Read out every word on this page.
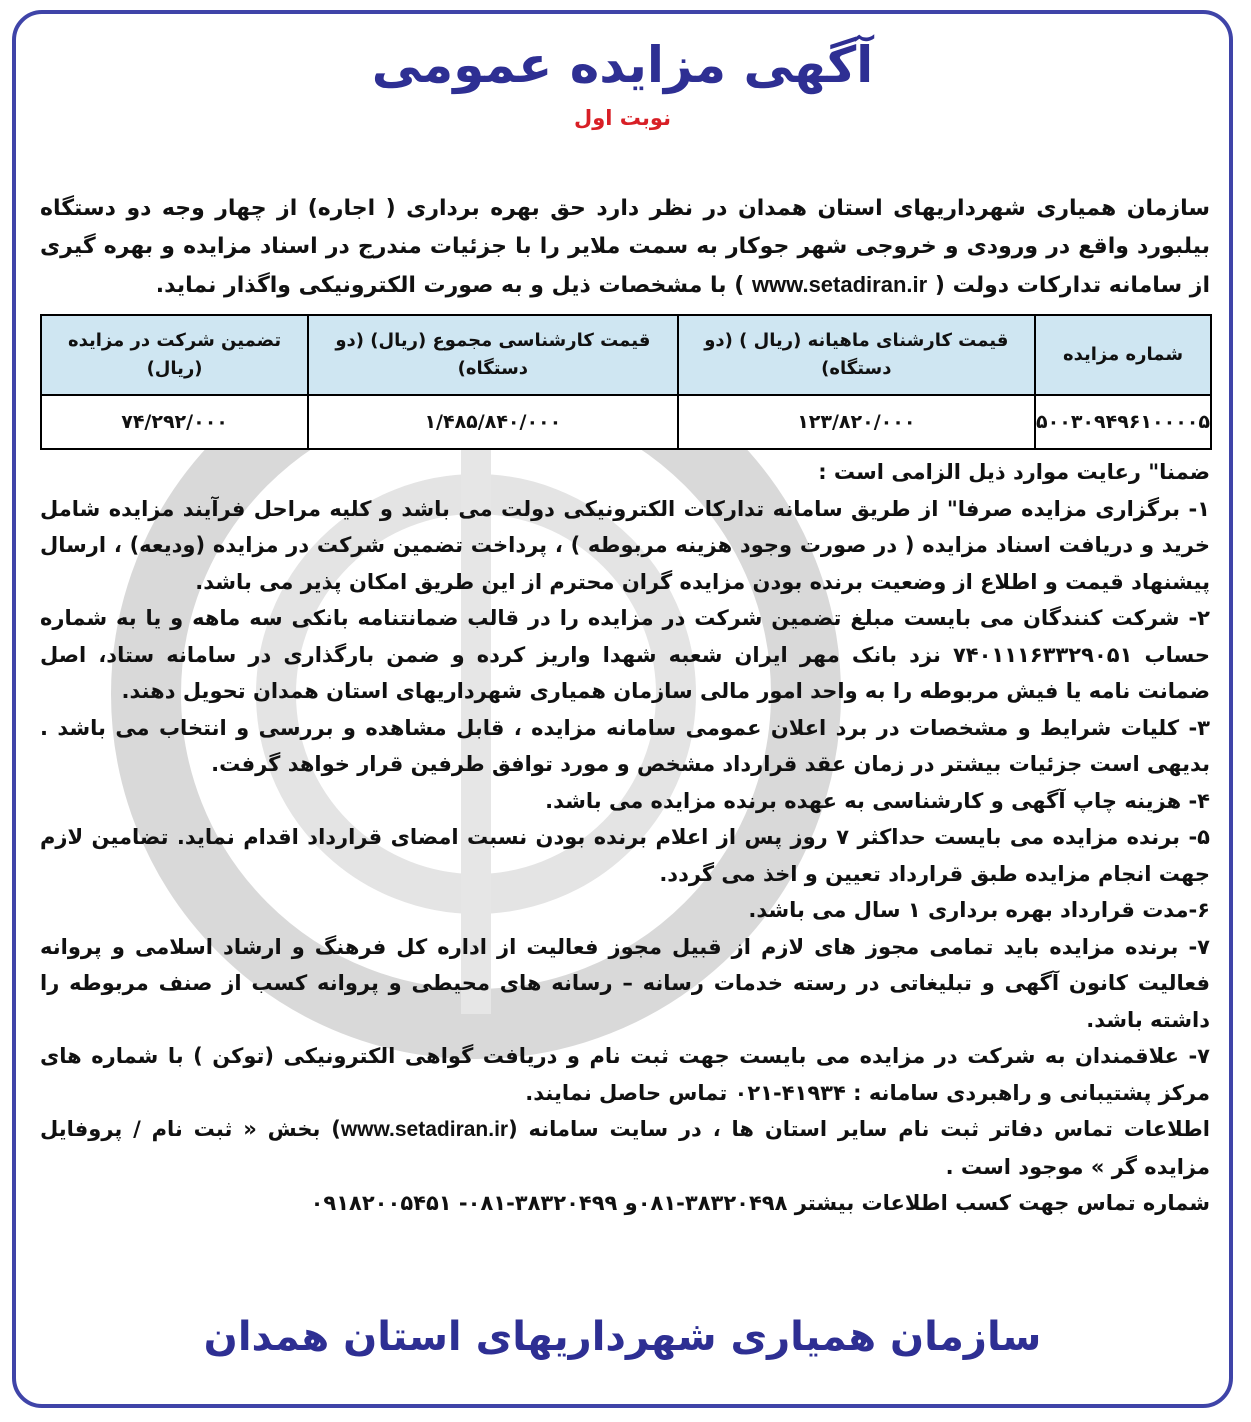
آگهی مزایده عمومی
نوبت اول
سازمان همیاری شهرداریهای استان همدان در نظر دارد حق بهره برداری ( اجاره) از چهار وجه دو دستگاه بیلبورد واقع در ورودی و خروجی شهر جوکار به سمت ملایر را با جزئیات مندرج در اسناد مزایده و بهره گیری از سامانه تدارکات دولت ( www.setadiran.ir ) با مشخصات ذیل و به صورت الکترونیکی واگذار نماید.
شماره مزایده	قیمت کارشنای ماهیانه (ریال ) (دو دستگاه)	قیمت کارشناسی مجموع (ریال) (دو دستگاه)	تضمین شرکت در مزایده (ریال)
۵۰۰۳۰۹۴۹۶۱۰۰۰۰۵	۱۲۳/۸۲۰/۰۰۰	۱/۴۸۵/۸۴۰/۰۰۰	۷۴/۲۹۲/۰۰۰

ضمنا" رعایت موارد ذیل الزامی است :

۱- برگزاری مزایده صرفا" از طریق سامانه تدارکات الکترونیکی دولت می باشد و کلیه مراحل فرآیند مزایده شامل خرید و دریافت اسناد مزایده ( در صورت وجود هزینه مربوطه ) ، پرداخت تضمین شرکت در مزایده (ودیعه) ، ارسال پیشنهاد قیمت و اطلاع از وضعیت برنده بودن مزایده گران محترم از این طریق امکان پذیر می باشد.

۲- شرکت کنندگان می بایست مبلغ تضمین شرکت در مزایده را در قالب ضمانتنامه بانکی سه ماهه و یا به شماره حساب ۷۴۰۱۱۱۶۳۳۲۹۰۵۱ نزد بانک مهر ایران شعبه شهدا واریز کرده و ضمن بارگذاری در سامانه ستاد، اصل ضمانت نامه یا فیش مربوطه را به واحد امور مالی سازمان همیاری شهرداریهای استان همدان تحویل دهند.

۳- کلیات شرایط و مشخصات در برد اعلان عمومی سامانه مزایده ، قابل مشاهده و بررسی و انتخاب می باشد . بدیهی است جزئیات بیشتر در زمان عقد قرارداد مشخص و مورد توافق طرفین قرار خواهد گرفت.

۴- هزینه چاپ آگهی و کارشناسی به عهده برنده مزایده می باشد.

۵- برنده مزایده می بایست حداکثر ۷ روز پس از اعلام برنده بودن نسبت امضای قرارداد اقدام نماید. تضامین لازم جهت انجام مزایده طبق قرارداد تعیین و اخذ می گردد.

۶-مدت قرارداد بهره برداری ۱ سال می باشد.

۷- برنده مزایده باید تمامی مجوز های لازم از قبیل مجوز فعالیت از اداره کل فرهنگ و ارشاد اسلامی و پروانه فعالیت کانون آگهی و تبلیغاتی در رسته خدمات رسانه – رسانه های محیطی و پروانه کسب از صنف مربوطه را داشته باشد.

۷- علاقمندان به شرکت در مزایده می بایست جهت ثبت نام و دریافت گواهی الکترونیکی (توکن ) با شماره های مرکز پشتیبانی و راهبردی سامانه : ۴۱۹۳۴-۰۲۱ تماس حاصل نمایند.

اطلاعات تماس دفاتر ثبت نام سایر استان ها ، در سایت سامانه (www.setadiran.ir) بخش « ثبت نام / پروفایل مزایده گر » موجود است .

شماره تماس جهت کسب اطلاعات بیشتر ۳۸۳۲۰۴۹۸-۰۸۱و ۳۸۳۲۰۴۹۹-۰۸۱- ۰۹۱۸۲۰۰۵۴۵۱

سازمان همیاری شهرداریهای استان همدان
